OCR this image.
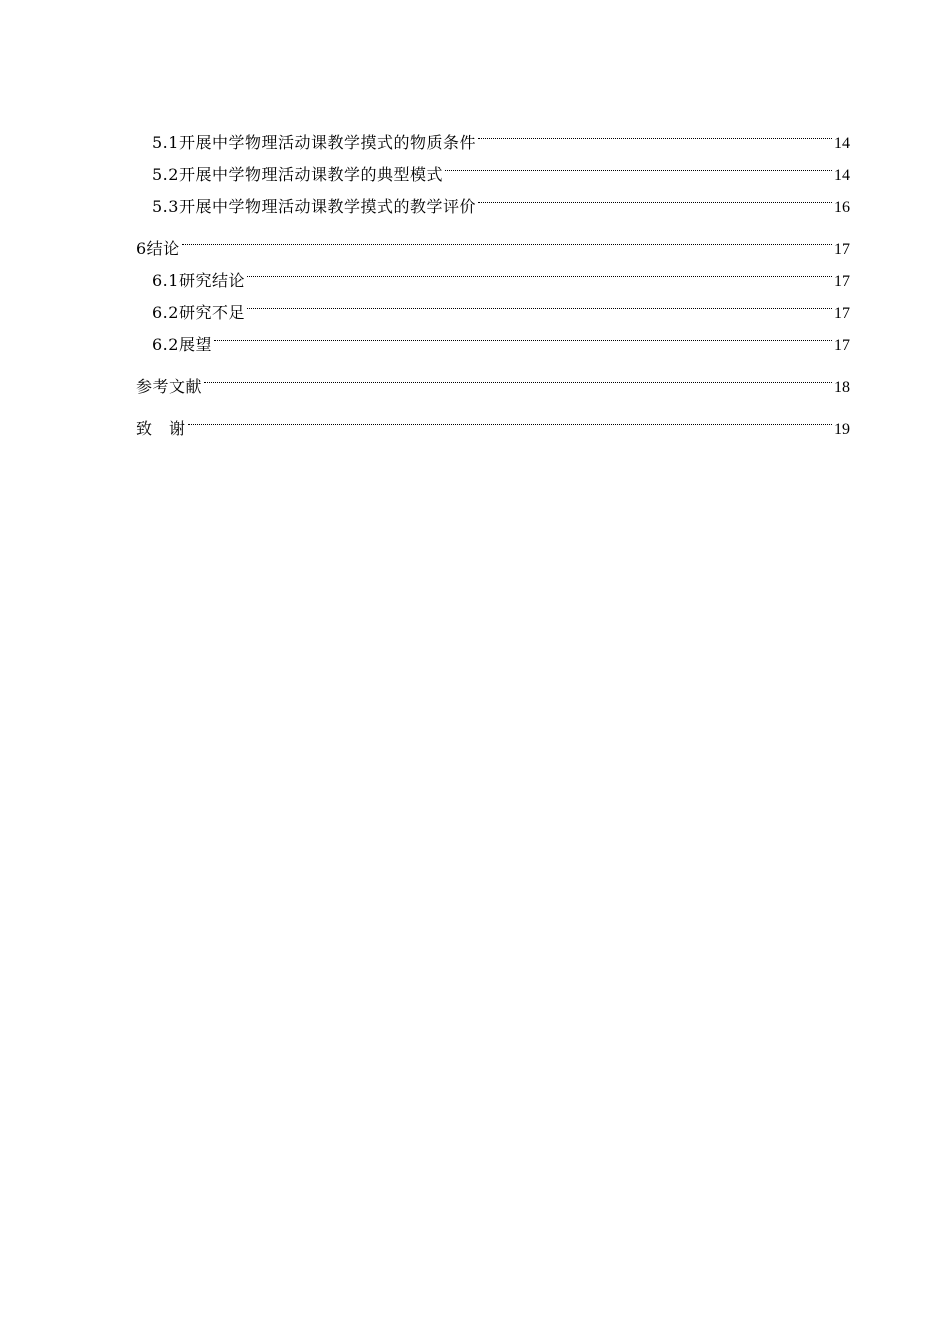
5.1开展中学物理活动课教学摸式的物质条件	14
5.2开展中学物理活动课教学的典型模式	14
5.3开展中学物理活动课教学摸式的教学评价	16
6结论	17
6.1研究结论	17
6.2研究不足	17
6.2展望	17
参考文献	18
致　谢	19
